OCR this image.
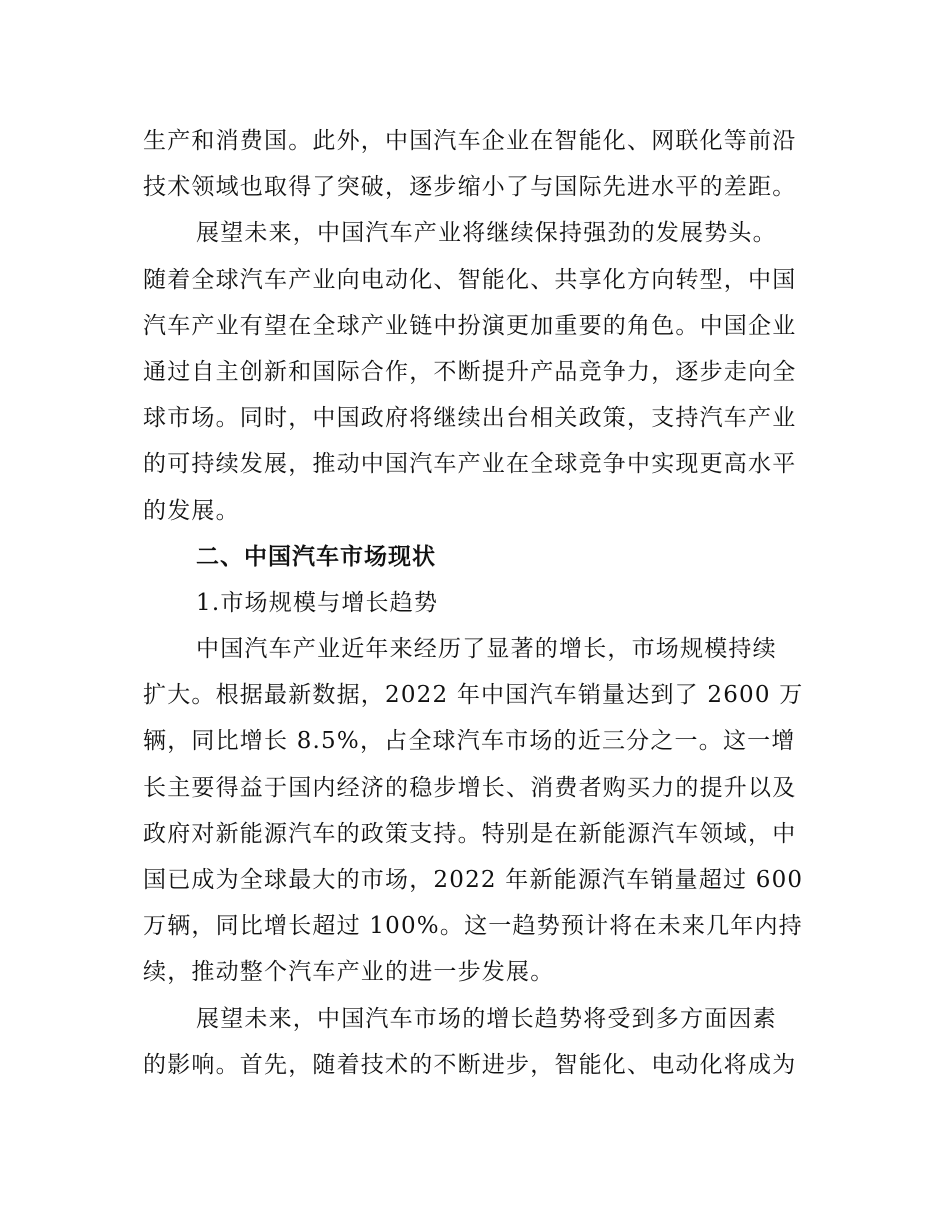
生产和消费国。此外，中国汽车企业在智能化、网联化等前沿
技术领域也取得了突破，逐步缩小了与国际先进水平的差距。
展望未来，中国汽车产业将继续保持强劲的发展势头。
随着全球汽车产业向电动化、智能化、共享化方向转型，中国
汽车产业有望在全球产业链中扮演更加重要的角色。中国企业
通过自主创新和国际合作，不断提升产品竞争力，逐步走向全
球市场。同时，中国政府将继续出台相关政策，支持汽车产业
的可持续发展，推动中国汽车产业在全球竞争中实现更高水平
的发展。
二、中国汽车市场现状
1.市场规模与增长趋势
中国汽车产业近年来经历了显著的增长，市场规模持续
扩大。根据最新数据，2022 年中国汽车销量达到了 2600 万
辆，同比增长 8.5%，占全球汽车市场的近三分之一。这一增
长主要得益于国内经济的稳步增长、消费者购买力的提升以及
政府对新能源汽车的政策支持。特别是在新能源汽车领域，中
国已成为全球最大的市场，2022 年新能源汽车销量超过 600
万辆，同比增长超过 100%。这一趋势预计将在未来几年内持
续，推动整个汽车产业的进一步发展。
展望未来，中国汽车市场的增长趋势将受到多方面因素
的影响。首先，随着技术的不断进步，智能化、电动化将成为
